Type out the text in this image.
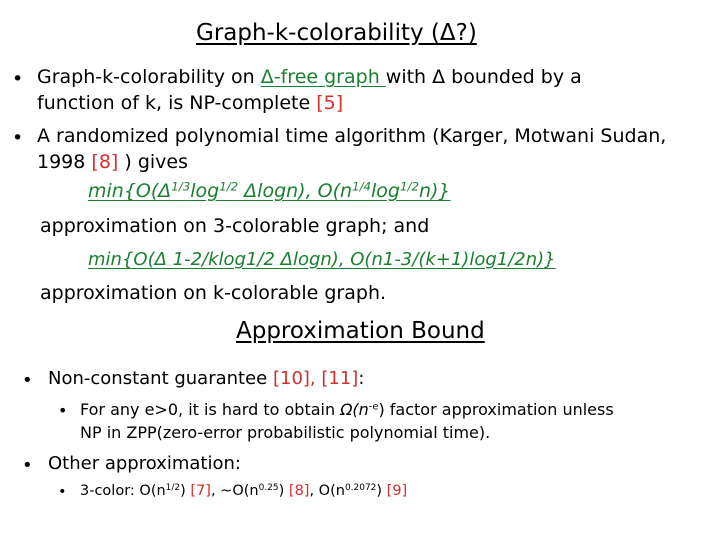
Graph-k-colorability (Δ?)
• Graph-k-colorability on Δ-free graph with Δ bounded by a
function of k, is NP-complete [5]
• A randomized polynomial time algorithm (Karger, Motwani Sudan,
1998 [8] ) gives
$\min\{O(\Delta^{1/3}\log^{1/2}$ Δlogn), $O(n^{1/4}\log^{1/2}n)$}
approximation on 3-colorable graph; and
min{O(Δ 1-2/klog1/2 Δlogn), O(n1-3/(k+1)log1/2n)}
approximation on k-colorable graph.
Approximation Bound
• Non-constant guarantee [10], [11]:
• For any e>0, it is hard to obtain $\Omega(n^{-e})$ factor approximation unless
NP in ZPP(zero-error probabilistic polynomial time).
• Other approximation:
• 3-color: $O(n^{1/2})$ [7], $\sim O(n^{0.25})$ [8], $O(n^{0.2072})$ [9]
